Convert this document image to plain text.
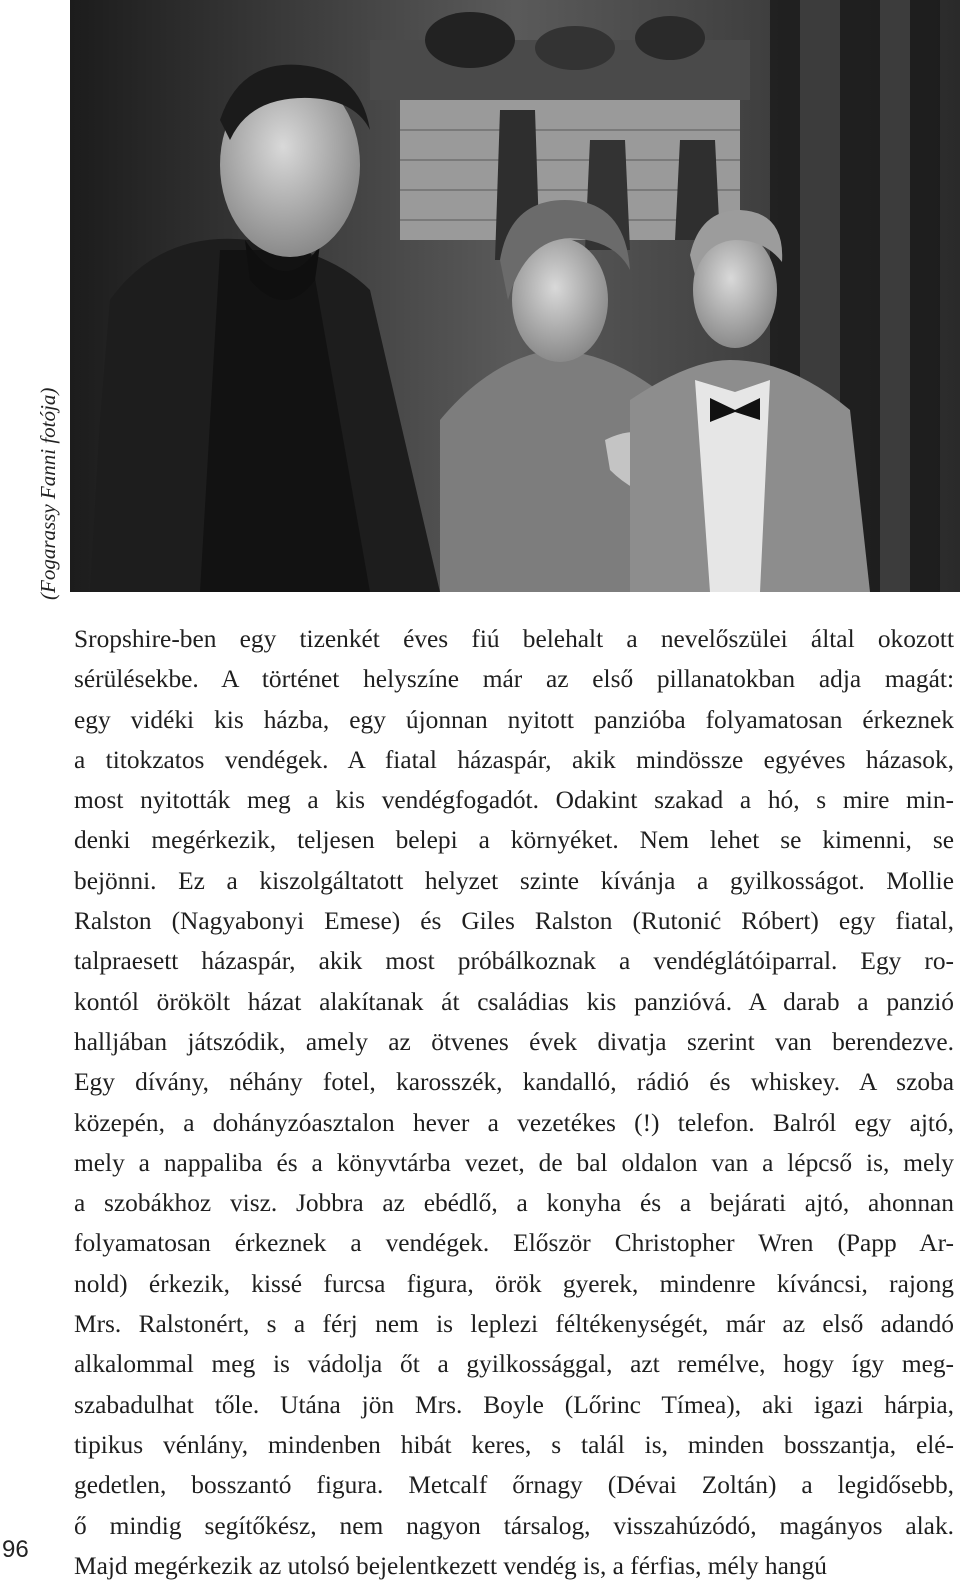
(Fogarassy Fanni fotója)
Sropshire-ben egy tizenkét éves fiú belehalt a nevelőszülei által okozott
sérülésekbe. A történet helyszíne már az első pillanatokban adja magát:
egy vidéki kis házba, egy újonnan nyitott panzióba folyamatosan érkeznek
a titokzatos vendégek. A fiatal házaspár, akik mindössze egyéves házasok,
most nyitották meg a kis vendégfogadót. Odakint szakad a hó, s mire min-
denki megérkezik, teljesen belepi a környéket. Nem lehet se kimenni, se
bejönni. Ez a kiszolgáltatott helyzet szinte kívánja a gyilkosságot. Mollie
Ralston (Nagyabonyi Emese) és Giles Ralston (Rutonić Róbert) egy fiatal,
talpraesett házaspár, akik most próbálkoznak a vendéglátóiparral. Egy ro-
kontól örökölt házat alakítanak át családias kis panzióvá. A darab a panzió
halljában játszódik, amely az ötvenes évek divatja szerint van berendezve.
Egy dívány, néhány fotel, karosszék, kandalló, rádió és whiskey. A szoba
közepén, a dohányzóasztalon hever a vezetékes (!) telefon. Balról egy ajtó,
mely a nappaliba és a könyvtárba vezet, de bal oldalon van a lépcső is, mely
a szobákhoz visz. Jobbra az ebédlő, a konyha és a bejárati ajtó, ahonnan
folyamatosan érkeznek a vendégek. Először Christopher Wren (Papp Ar-
nold) érkezik, kissé furcsa figura, örök gyerek, mindenre kíváncsi, rajong
Mrs. Ralstonért, s a férj nem is leplezi féltékenységét, már az első adandó
alkalommal meg is vádolja őt a gyilkossággal, azt remélve, hogy így meg-
szabadulhat tőle. Utána jön Mrs. Boyle (Lőrinc Tímea), aki igazi hárpia,
tipikus vénlány, mindenben hibát keres, s talál is, minden bosszantja, elé-
gedetlen, bosszantó figura. Metcalf őrnagy (Dévai Zoltán) a legidősebb,
ő mindig segítőkész, nem nagyon társalog, visszahúzódó, magányos alak.
Majd megérkezik az utolsó bejelentkezett vendég is, a férfias, mély hangú
96
